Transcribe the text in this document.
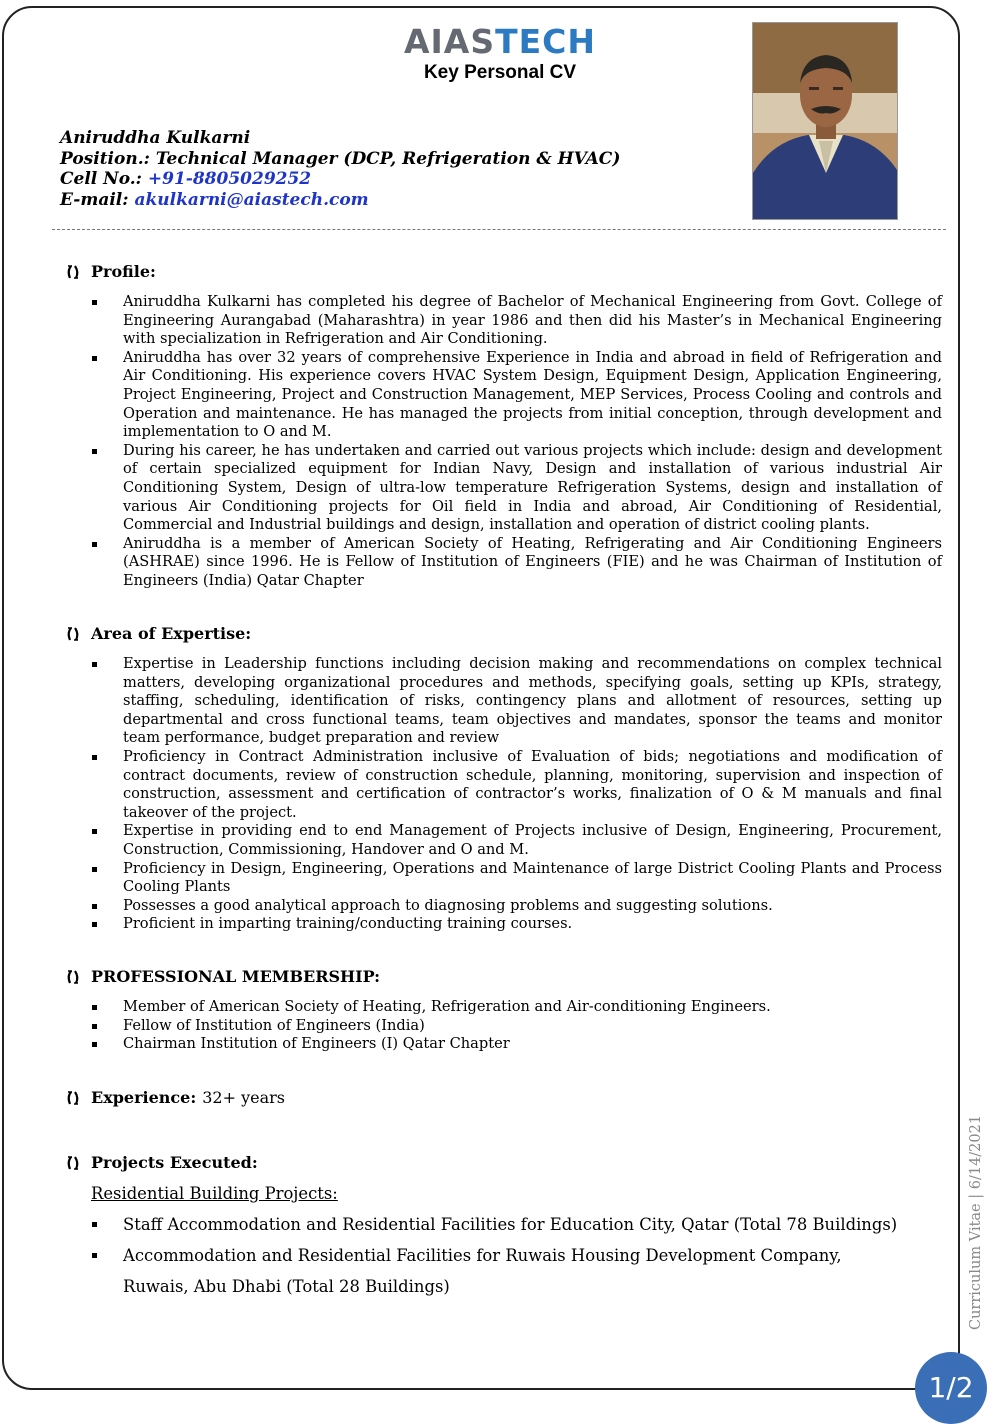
AIASTECH
Key Personal CV
Aniruddha Kulkarni
Position.: Technical Manager (DCP, Refrigeration & HVAC)
Cell No.: +91-8805029252
E-mail: akulkarni@aiastech.com
Profile:
Aniruddha Kulkarni has completed his degree of Bachelor of Mechanical Engineering from Govt. College of Engineering Aurangabad (Maharashtra) in year 1986 and then did his Master’s in Mechanical Engineering with specialization in Refrigeration and Air Conditioning.
Aniruddha has over 32 years of comprehensive Experience in India and abroad in field of Refrigeration and Air Conditioning. His experience covers HVAC System Design, Equipment Design, Application Engineering, Project Engineering, Project and Construction Management, MEP Services, Process Cooling and controls and Operation and maintenance. He has managed the projects from initial conception, through development and implementation to O and M.
During his career, he has undertaken and carried out various projects which include: design and development of certain specialized equipment for Indian Navy, Design and installation of various industrial Air Conditioning System, Design of ultra-low temperature Refrigeration Systems, design and installation of various Air Conditioning projects for Oil field in India and abroad, Air Conditioning of Residential, Commercial and Industrial buildings and design, installation and operation of district cooling plants.
Aniruddha is a member of American Society of Heating, Refrigerating and Air Conditioning Engineers (ASHRAE) since 1996. He is Fellow of Institution of Engineers (FIE) and he was Chairman of Institution of Engineers (India) Qatar Chapter
Area of Expertise:
Expertise in Leadership functions including decision making and recommendations on complex technical matters, developing organizational procedures and methods, specifying goals, setting up KPIs, strategy, staffing, scheduling, identification of risks, contingency plans and allotment of resources, setting up departmental and cross functional teams, team objectives and mandates, sponsor the teams and monitor team performance, budget preparation and review
Proficiency in Contract Administration inclusive of Evaluation of bids; negotiations and modification of contract documents, review of construction schedule, planning, monitoring, supervision and inspection of construction, assessment and certification of contractor’s works, finalization of O & M manuals and final takeover of the project.
Expertise in providing end to end Management of Projects inclusive of Design, Engineering, Procurement, Construction, Commissioning, Handover and O and M.
Proficiency in Design, Engineering, Operations and Maintenance of large District Cooling Plants and Process Cooling Plants
Possesses a good analytical approach to diagnosing problems and suggesting solutions.
Proficient in imparting training/conducting training courses.
PROFESSIONAL MEMBERSHIP:
Member of American Society of Heating, Refrigeration and Air-conditioning Engineers.
Fellow of Institution of Engineers (India)
Chairman Institution of Engineers (I) Qatar Chapter
Experience: 32+ years
Projects Executed:
Residential Building Projects:
Staff Accommodation and Residential Facilities for Education City, Qatar (Total 78 Buildings)
Accommodation and Residential Facilities for Ruwais Housing Development Company, Ruwais, Abu Dhabi (Total 28 Buildings)	Curriculum Vitae | 6/14/2021
1/2
